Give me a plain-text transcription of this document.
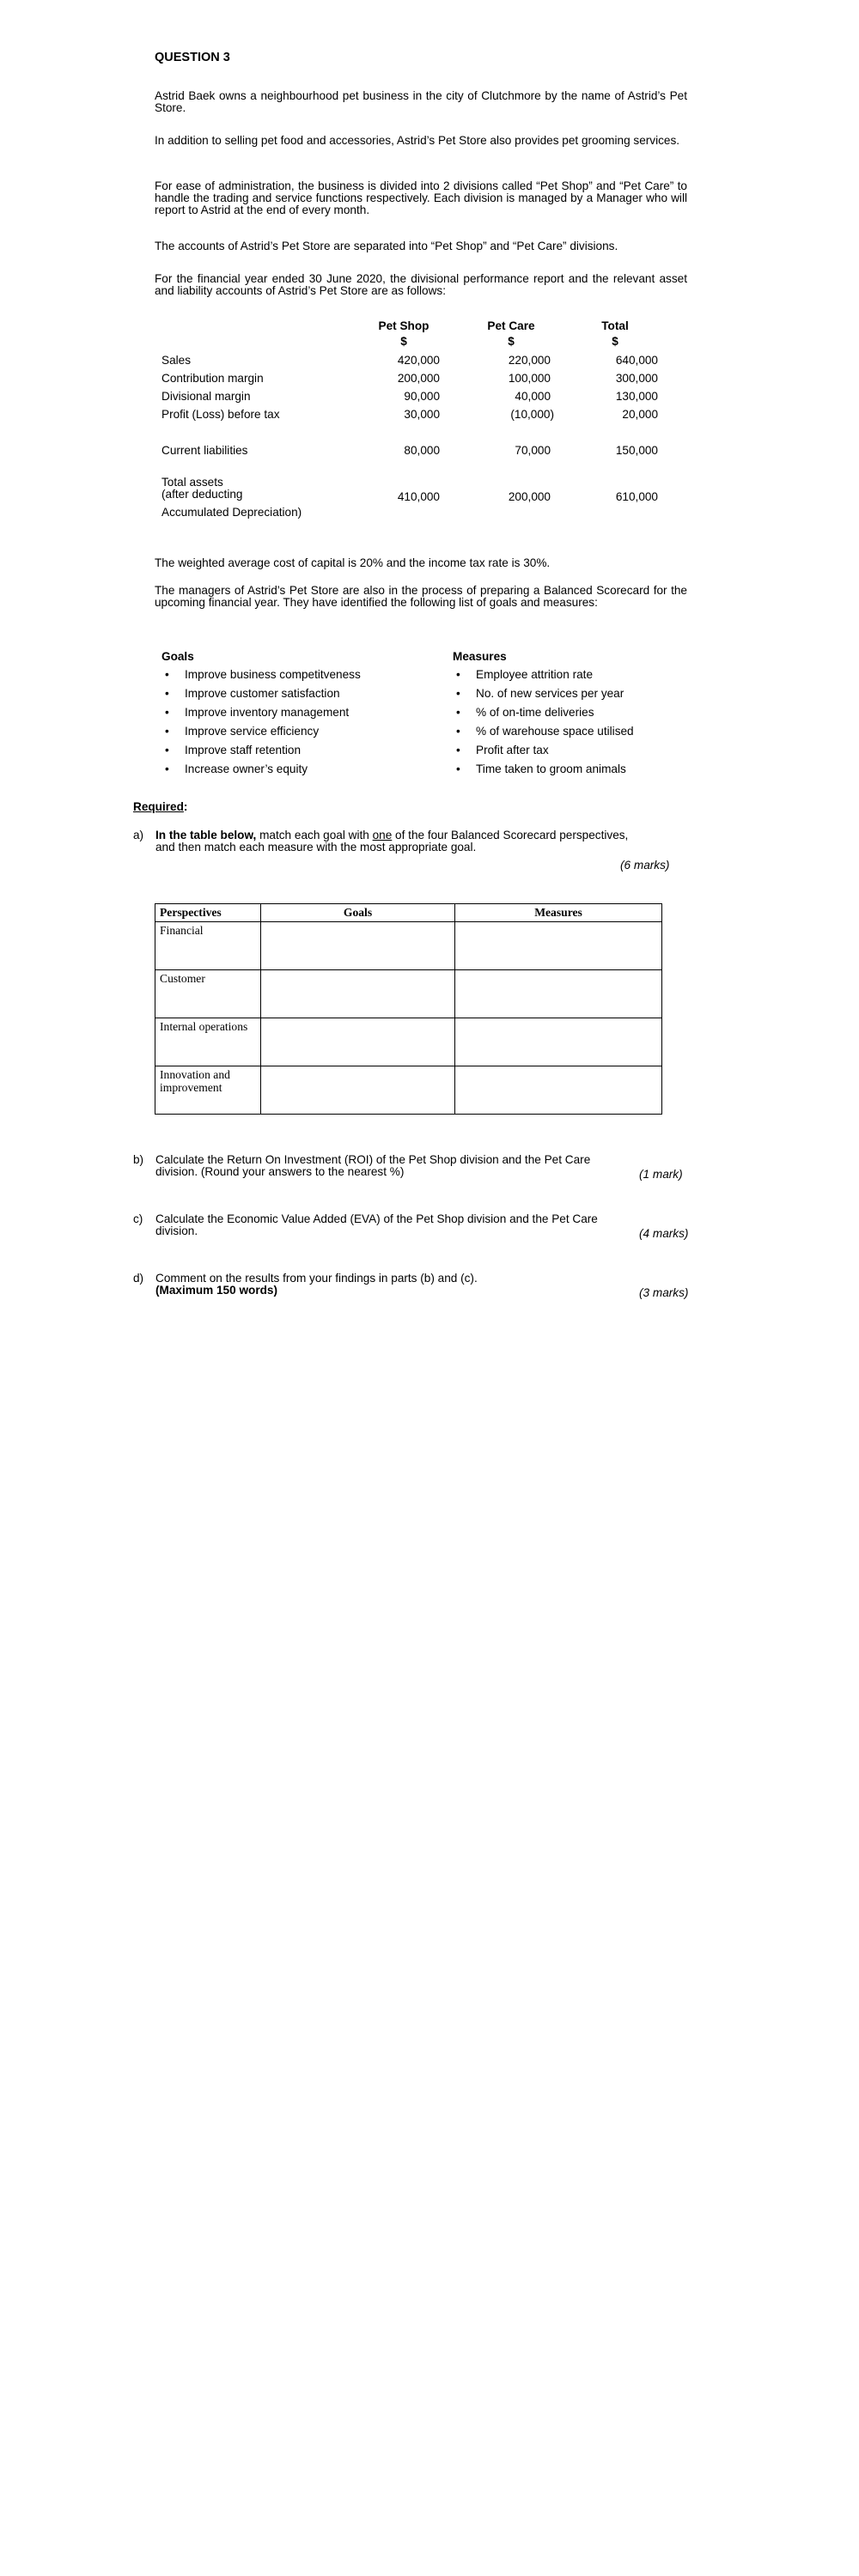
QUESTION 3
Astrid Baek owns a neighbourhood pet business in the city of Clutchmore by the name of Astrid’s Pet Store.
In addition to selling pet food and accessories, Astrid’s Pet Store also provides pet grooming services.
For ease of administration, the business is divided into 2 divisions called “Pet Shop” and “Pet Care” to handle the trading and service functions respectively. Each division is managed by a Manager who will report to Astrid at the end of every month.
The accounts of Astrid’s Pet Store are separated into “Pet Shop” and “Pet Care” divisions.
For the financial year ended 30 June 2020, the divisional performance report and the relevant asset and liability accounts of Astrid’s Pet Store are as follows:
Pet Shop	Pet Care	Total
$	$	$
Sales	420,000	220,000	640,000
Contribution margin	200,000	100,000	300,000
Divisional margin	90,000	40,000	130,000
Profit (Loss) before tax	30,000	(10,000)	20,000
Current liabilities	80,000	70,000	150,000
Total assets
(after deducting
Accumulated Depreciation)
410,000	200,000	610,000
The weighted average cost of capital is 20% and the income tax rate is 30%.
The managers of Astrid’s Pet Store are also in the process of preparing a Balanced Scorecard for the upcoming financial year. They have identified the following list of goals and measures:
Goals
• Improve business competitveness
• Improve customer satisfaction
• Improve inventory management
• Improve service efficiency
• Improve staff retention
• Increase owner’s equity
Measures
• Employee attrition rate
• No. of new services per year
• % of on-time deliveries
• % of warehouse space utilised
• Profit after tax
• Time taken to groom animals
Required:
a) In the table below, match each goal with one of the four Balanced Scorecard perspectives, and then match each measure with the most appropriate goal.
(6 marks)
Perspectives	Goals	Measures
Financial		
Customer		
Internal operations		
Innovation and improvement		
b) Calculate the Return On Investment (ROI) of the Pet Shop division and the Pet Care division. (Round your answers to the nearest %)	(1 mark)
c) Calculate the Economic Value Added (EVA) of the Pet Shop division and the Pet Care division.	(4 marks)
d) Comment on the results from your findings in parts (b) and (c).
(Maximum 150 words)	(3 marks)
